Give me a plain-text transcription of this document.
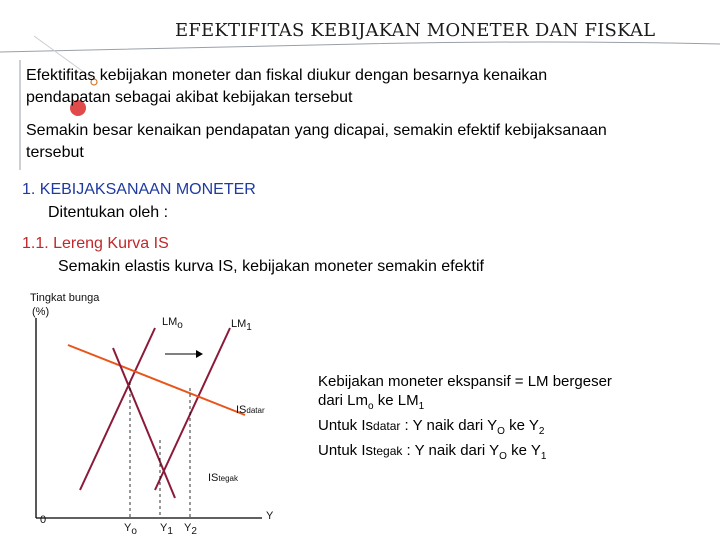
EFEKTIFITAS KEBIJAKAN MONETER DAN FISKAL
Efektifitas kebijakan moneter dan fiskal diukur dengan besarnya kenaikan
pendapatan sebagai akibat kebijakan tersebut
Semakin besar kenaikan pendapatan yang dicapai, semakin efektif kebijaksanaan
tersebut
1. KEBIJAKSANAAN MONETER
Ditentukan oleh :
1.1. Lereng Kurva IS
Semakin elastis kurva IS, kebijakan moneter semakin efektif
Tingkat bunga
(%)
$LM_o$	$LM_1$
ISdatar
IStegak
0
$Y_o$ $Y_1$ $Y_2$
Y
Kebijakan moneter ekspansif = LM bergeser
dari $Lm_o$ ke $LM_1$
Untuk Isdatar : Y naik dari $Y_O$ ke $Y_2$
Untuk Istegak : Y naik dari $Y_O$ ke $Y_1$
